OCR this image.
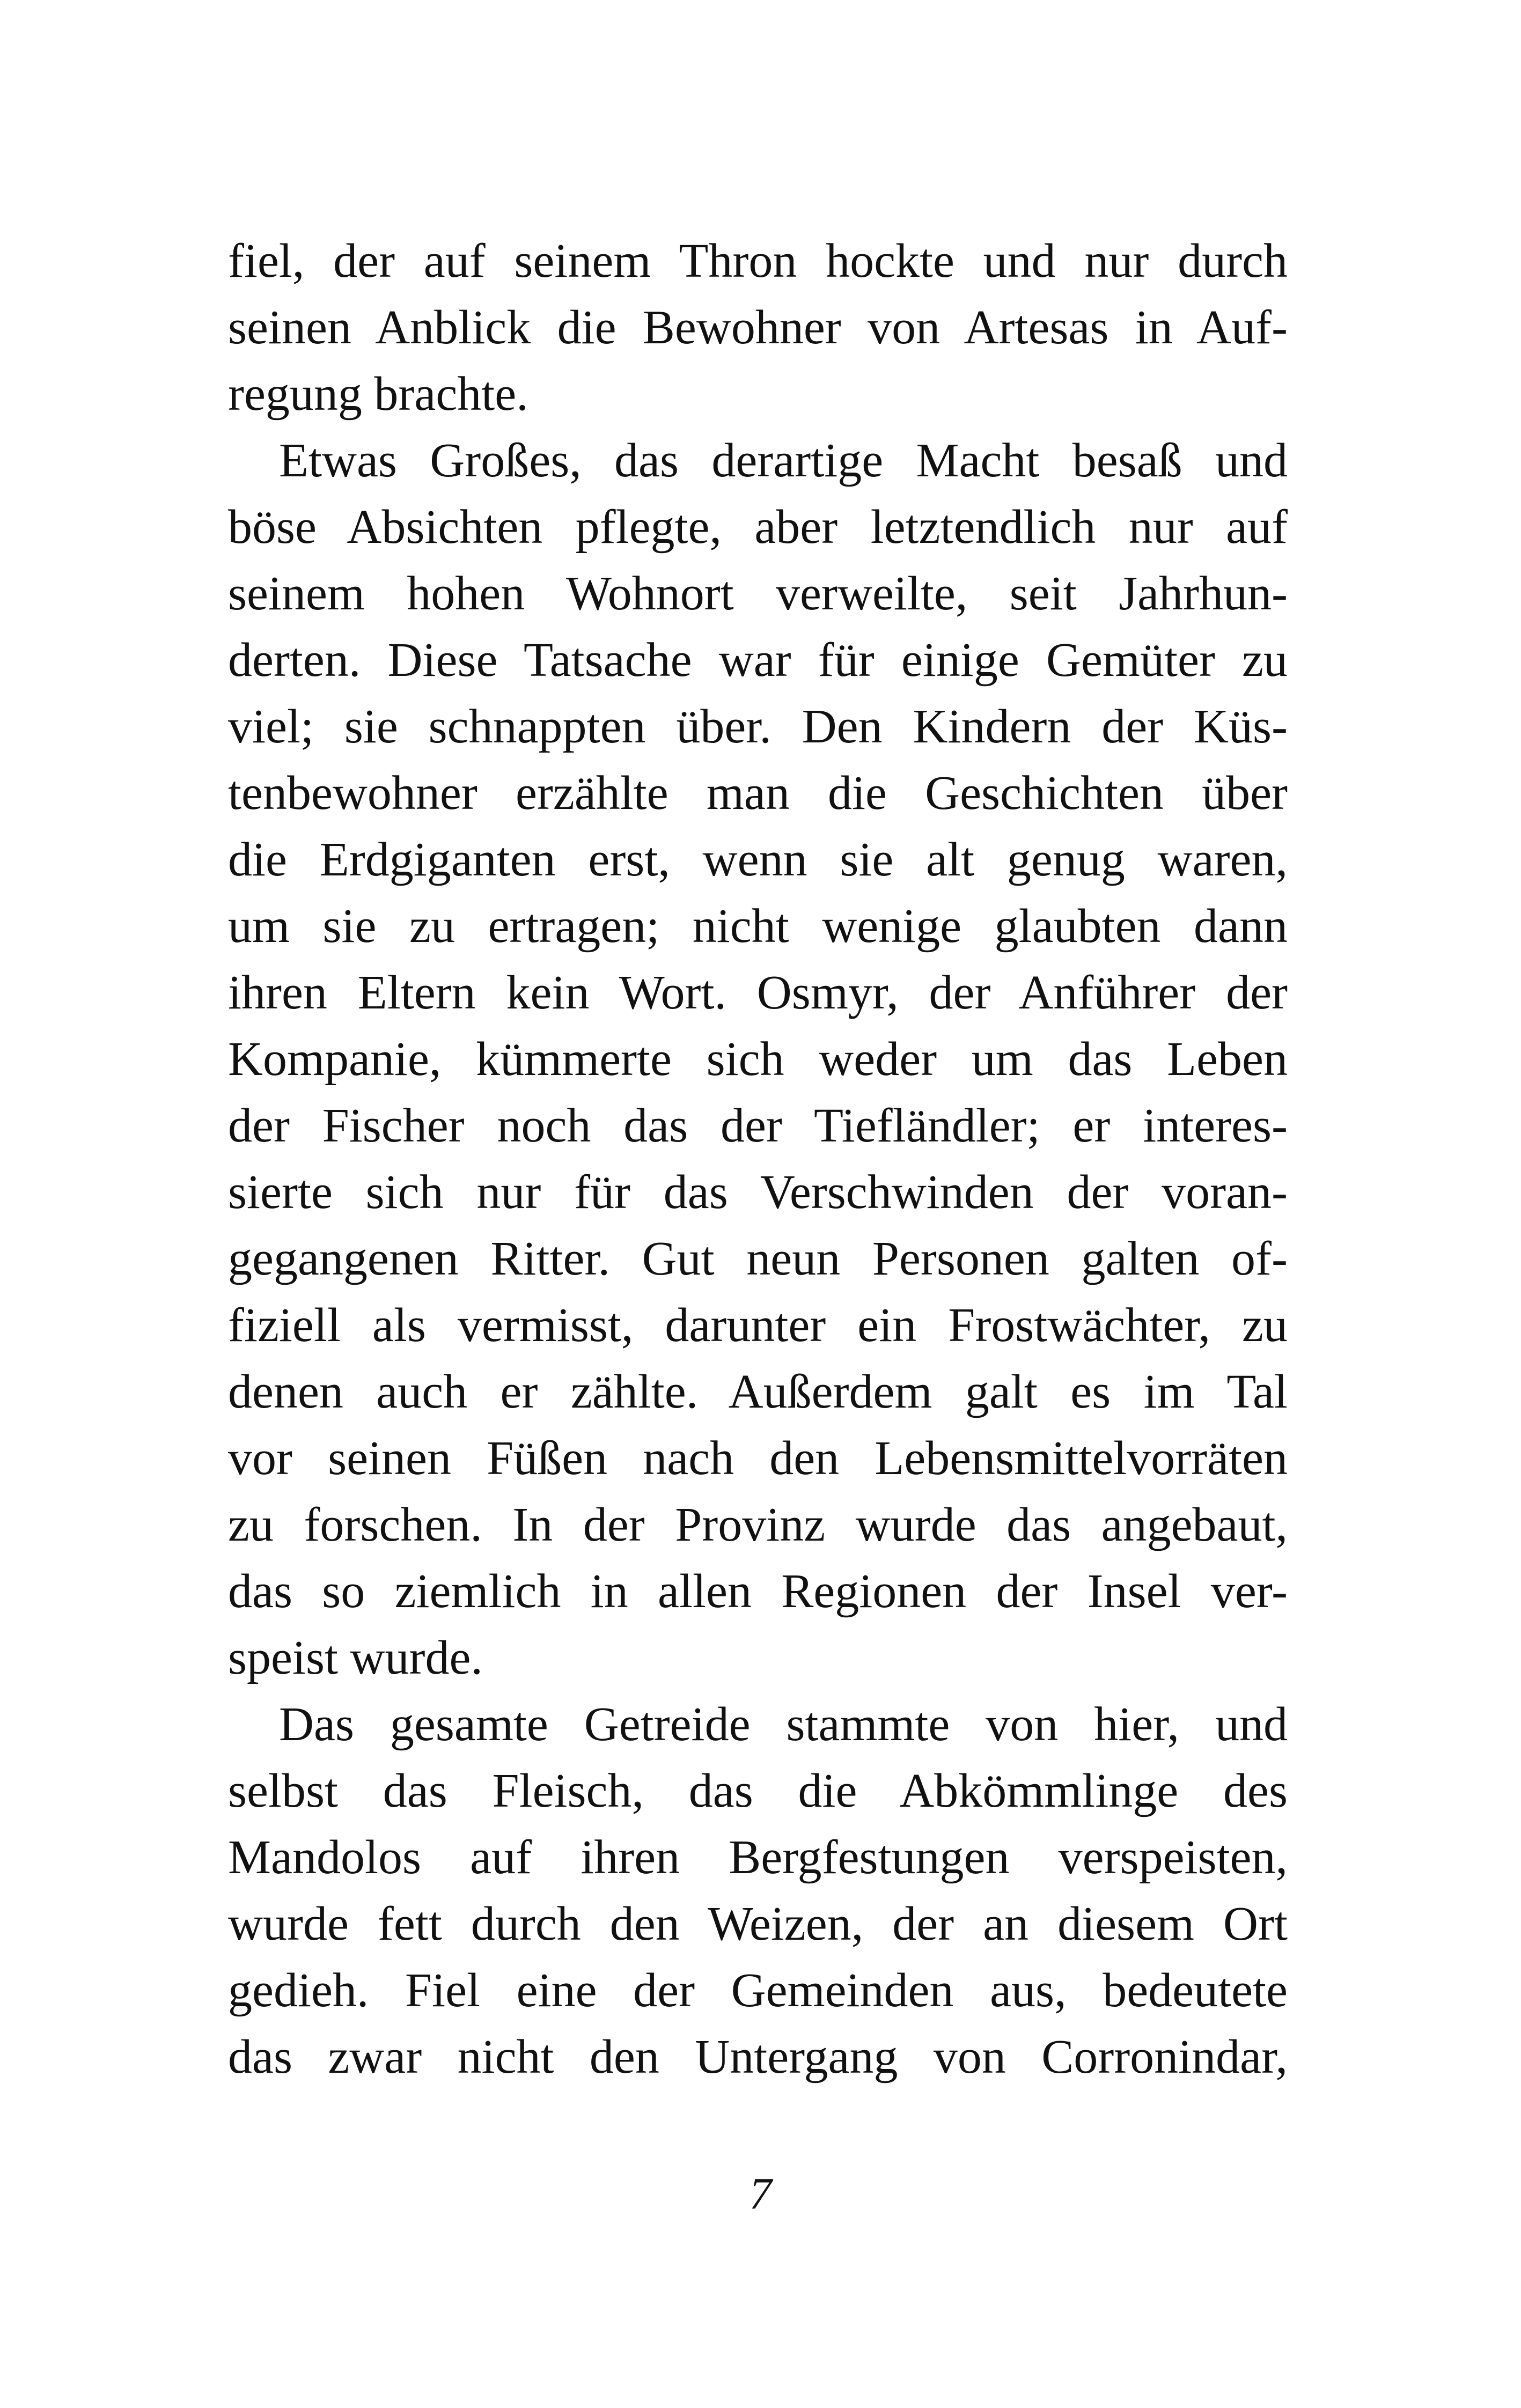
fiel, der auf seinem Thron hockte und nur durch
seinen Anblick die Bewohner von Artesas in Auf-
regung brachte.
Etwas Großes, das derartige Macht besaß und
böse Absichten pflegte, aber letztendlich nur auf
seinem hohen Wohnort verweilte, seit Jahrhun-
derten. Diese Tatsache war für einige Gemüter zu
viel; sie schnappten über. Den Kindern der Küs-
tenbewohner erzählte man die Geschichten über
die Erdgiganten erst, wenn sie alt genug waren,
um sie zu ertragen; nicht wenige glaubten dann
ihren Eltern kein Wort. Osmyr, der Anführer der
Kompanie, kümmerte sich weder um das Leben
der Fischer noch das der Tiefländler; er interes-
sierte sich nur für das Verschwinden der voran-
gegangenen Ritter. Gut neun Personen galten of-
fiziell als vermisst, darunter ein Frostwächter, zu
denen auch er zählte. Außerdem galt es im Tal
vor seinen Füßen nach den Lebensmittelvorräten
zu forschen. In der Provinz wurde das angebaut,
das so ziemlich in allen Regionen der Insel ver-
speist wurde.
Das gesamte Getreide stammte von hier, und
selbst das Fleisch, das die Abkömmlinge des
Mandolos auf ihren Bergfestungen verspeisten,
wurde fett durch den Weizen, der an diesem Ort
gedieh. Fiel eine der Gemeinden aus, bedeutete
das zwar nicht den Untergang von Corronindar,
7
